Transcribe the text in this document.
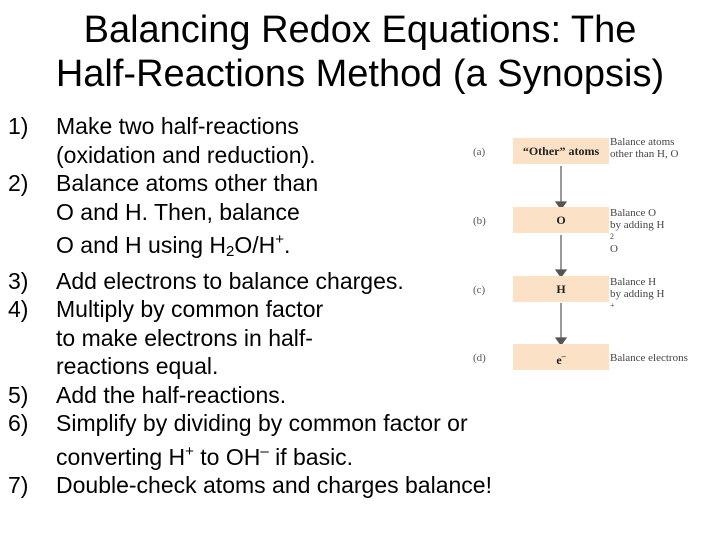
Balancing Redox Equations: The
Half-Reactions Method (a Synopsis)
1) Make two half-reactions
(oxidation and reduction).
2) Balance atoms other than
O and H. Then, balance
O and H using $H_2O/H^+$.
3) Add electrons to balance charges.
4) Multiply by common factor
to make electrons in half-
reactions equal.
5) Add the half-reactions.
6) Simplify by dividing by common factor or
converting H+ to OH– if basic.
7) Double-check atoms and charges balance!
(a)	“Other” atoms
Balance atoms
other than H, O
(b)	O	Balance O
by adding H
2
O
(c)	H	Balance H
by adding H
+
(d)	e–	Balance electrons
